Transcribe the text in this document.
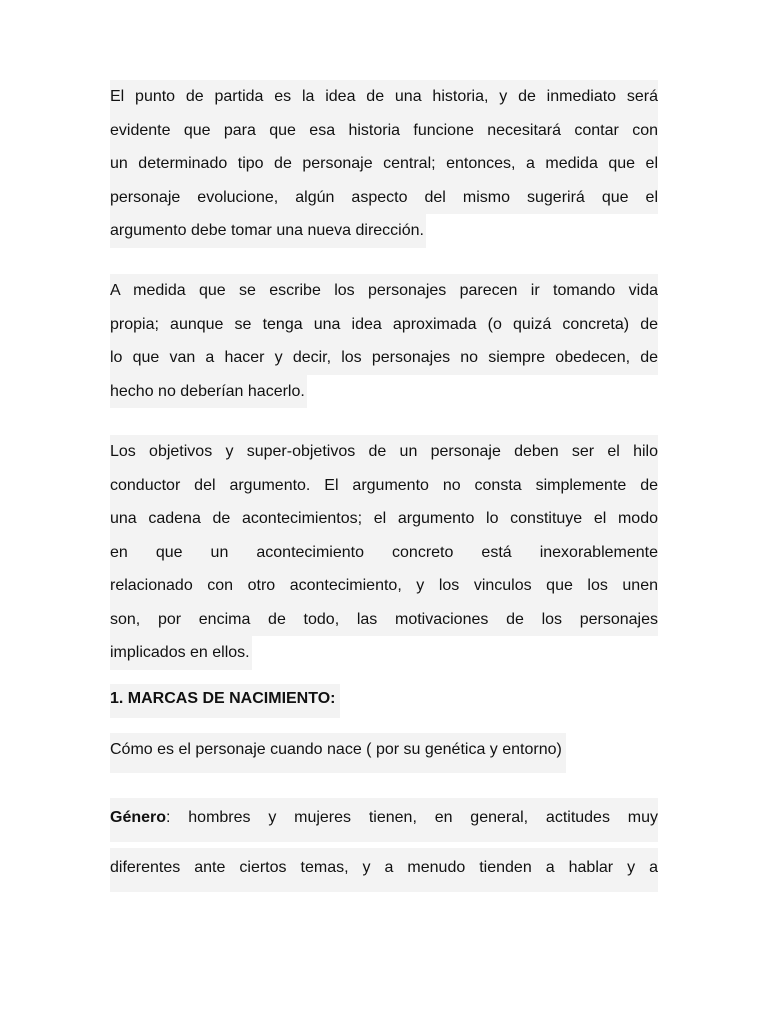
El punto de partida es la idea de una historia, y de inmediato será
evidente que para que esa historia funcione necesitará contar con
un determinado tipo de personaje central; entonces, a medida que el
personaje evolucione, algún aspecto del mismo sugerirá que el
argumento debe tomar una nueva dirección.
A medida que se escribe los personajes parecen ir tomando vida
propia; aunque se tenga una idea aproximada (o quizá concreta) de
lo que van a hacer y decir, los personajes no siempre obedecen, de
hecho no deberían hacerlo.
Los objetivos y super-objetivos de un personaje deben ser el hilo
conductor del argumento. El argumento no consta simplemente de
una cadena de acontecimientos; el argumento lo constituye el modo
en que un acontecimiento concreto está inexorablemente
relacionado con otro acontecimiento, y los vinculos que los unen
son, por encima de todo, las motivaciones de los personajes
implicados en ellos.
1. MARCAS DE NACIMIENTO:
Cómo es el personaje cuando nace ( por su genética y entorno)
Género: hombres y mujeres tienen, en general, actitudes muy
diferentes ante ciertos temas, y a menudo tienden a hablar y a
